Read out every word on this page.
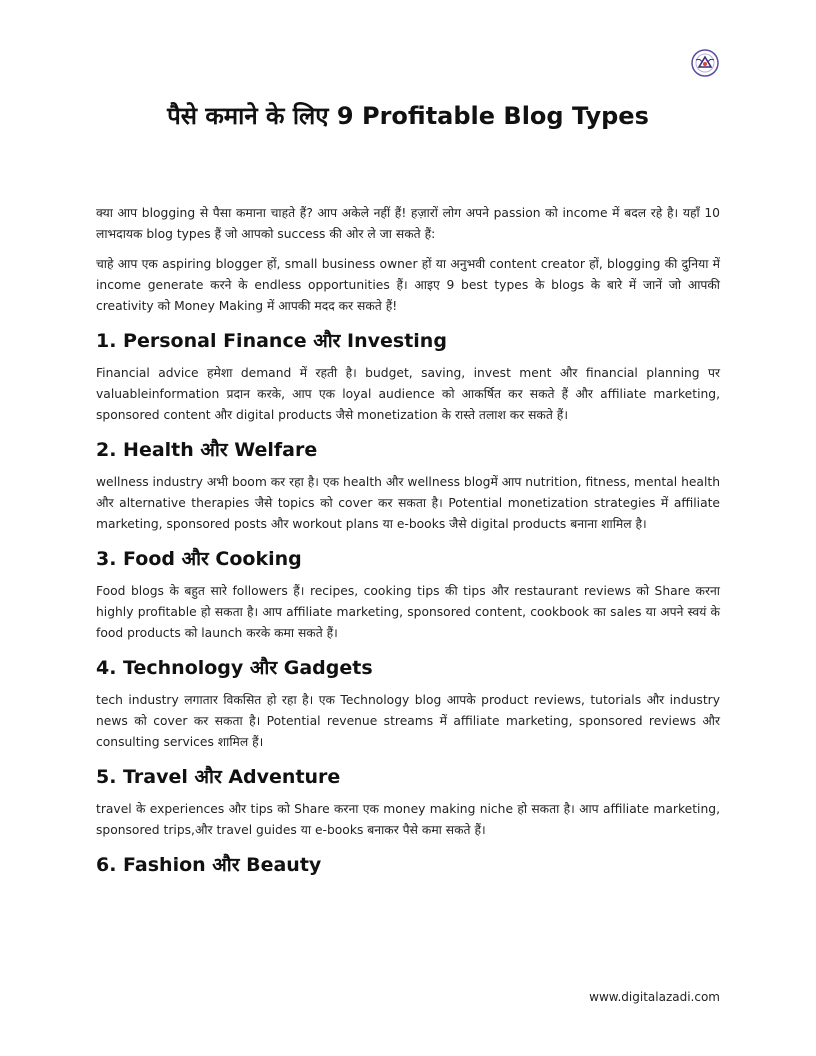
पैसे कमाने के लिए 9 Profitable Blog Types

क्या आप blogging से पैसा कमाना चाहते हैं? आप अकेले नहीं हैं! हज़ारों लोग अपने passion को income में बदल रहे है। यहाँ 10 लाभदायक blog types हैं जो आपको success की ओर ले जा सकते हैं:

चाहे आप एक aspiring blogger हों, small business owner हों या अनुभवी content creator हों, blogging की दुनिया में income generate करने के endless opportunities हैं। आइए 9 best types के blogs के बारे में जानें जो आपकी creativity को Money Making में आपकी मदद कर सकते हैं!

1. Personal Finance और Investing

Financial advice हमेशा demand में रहती है। budget, saving, invest ment और financial planning पर valuableinformation प्रदान करके, आप एक loyal audience को आकर्षित कर सकते हैं और affiliate marketing, sponsored content और digital products जैसे monetization के रास्ते तलाश कर सकते हैं।

2. Health और Welfare

wellness industry अभी boom कर रहा है। एक health और wellness blogमें आप nutrition, fitness, mental health और alternative therapies जैसे topics को cover कर सकता है। Potential monetization strategies में affiliate marketing, sponsored posts और workout plans या e-books जैसे digital products बनाना शामिल है।

3. Food और Cooking

Food blogs के बहुत सारे followers हैं। recipes, cooking tips की tips और restaurant reviews को Share करना highly profitable हो सकता है। आप affiliate marketing, sponsored content, cookbook का sales या अपने स्वयं के food products को launch करके कमा सकते हैं।

4. Technology और Gadgets

tech industry लगातार विकसित हो रहा है। एक Technology blog आपके product reviews, tutorials और industry news को cover कर सकता है। Potential revenue streams में affiliate marketing, sponsored reviews और consulting services शामिल हैं।

5. Travel और Adventure

travel के experiences और tips को Share करना एक money making niche हो सकता है। आप affiliate marketing, sponsored trips,और travel guides या e-books बनाकर पैसे कमा सकते हैं।

6. Fashion और Beauty
www.digitalazadi.com
